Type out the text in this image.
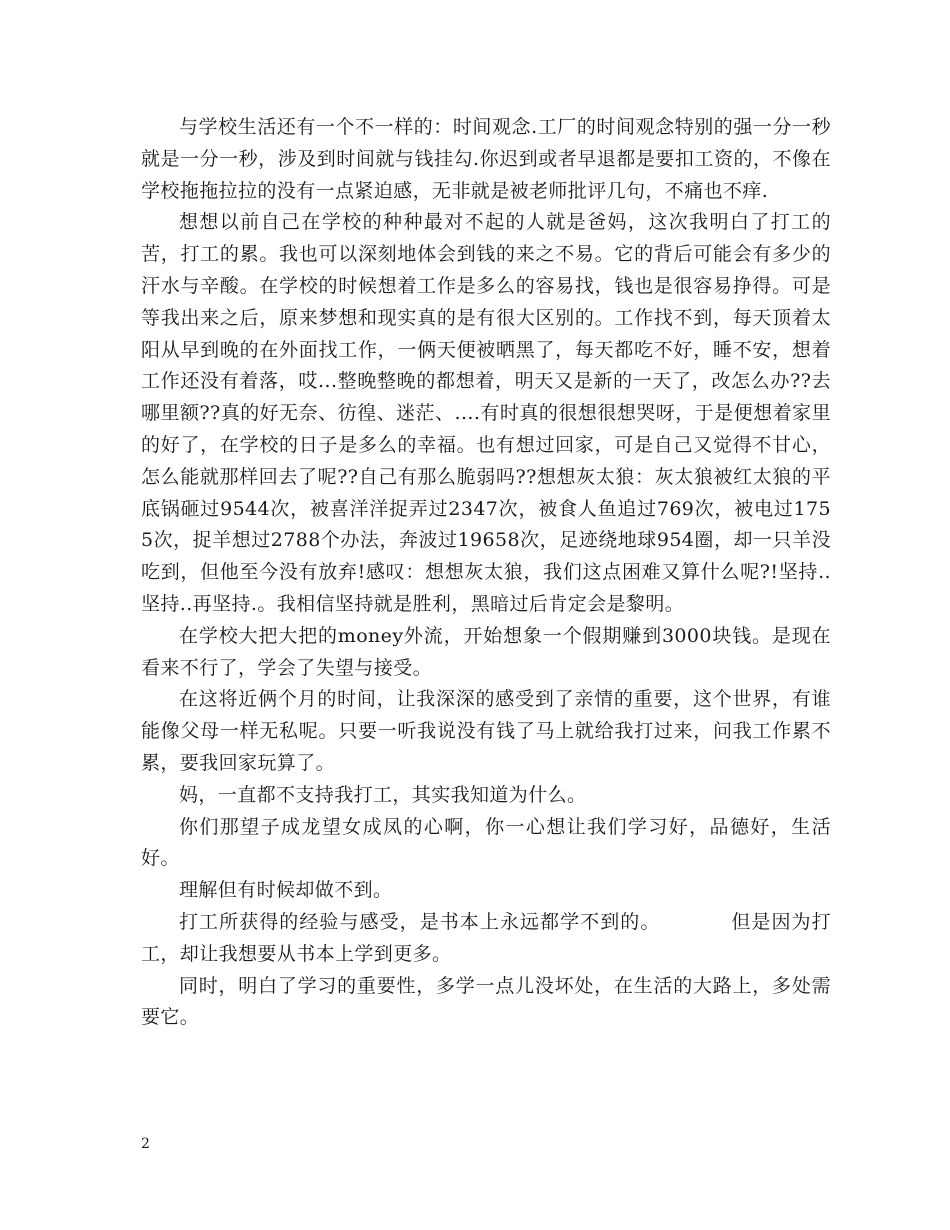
与学校生活还有一个不一样的：时间观念.工厂的时间观念特别的强一分一秒就是一分一秒，涉及到时间就与钱挂勾.你迟到或者早退都是要扣工资的，不像在学校拖拖拉拉的没有一点紧迫感，无非就是被老师批评几句，不痛也不痒.

想想以前自己在学校的种种最对不起的人就是爸妈，这次我明白了打工的苦，打工的累。我也可以深刻地体会到钱的来之不易。它的背后可能会有多少的汗水与辛酸。在学校的时候想着工作是多么的容易找，钱也是很容易挣得。可是等我出来之后，原来梦想和现实真的是有很大区别的。工作找不到，每天顶着太阳从早到晚的在外面找工作，一俩天便被晒黑了，每天都吃不好，睡不安，想着工作还没有着落，哎...整晚整晚的都想着，明天又是新的一天了，改怎么办??去哪里额??真的好无奈、彷徨、迷茫、....有时真的很想很想哭呀，于是便想着家里的好了，在学校的日子是多么的幸福。也有想过回家，可是自己又觉得不甘心，怎么能就那样回去了呢??自己有那么脆弱吗??想想灰太狼：灰太狼被红太狼的平底锅砸过9544次，被喜洋洋捉弄过2347次，被食人鱼追过769次，被电过1755次，捉羊想过2788个办法，奔波过19658次，足迹绕地球954圈，却一只羊没吃到，但他至今没有放弃!感叹：想想灰太狼，我们这点困难又算什么呢?!坚持..坚持..再坚持.。我相信坚持就是胜利，黑暗过后肯定会是黎明。

在学校大把大把的money外流，开始想象一个假期赚到3000块钱。是现在看来不行了，学会了失望与接受。

在这将近俩个月的时间，让我深深的感受到了亲情的重要，这个世界，有谁能像父母一样无私呢。只要一听我说没有钱了马上就给我打过来，问我工作累不累，要我回家玩算了。

妈，一直都不支持我打工，其实我知道为什么。

你们那望子成龙望女成凤的心啊，你一心想让我们学习好，品德好，生活好。

理解但有时候却做不到。

打工所获得的经验与感受，是书本上永远都学不到的。          但是因为打工，却让我想要从书本上学到更多。

同时，明白了学习的重要性，多学一点儿没坏处，在生活的大路上，多处需要它。

2
